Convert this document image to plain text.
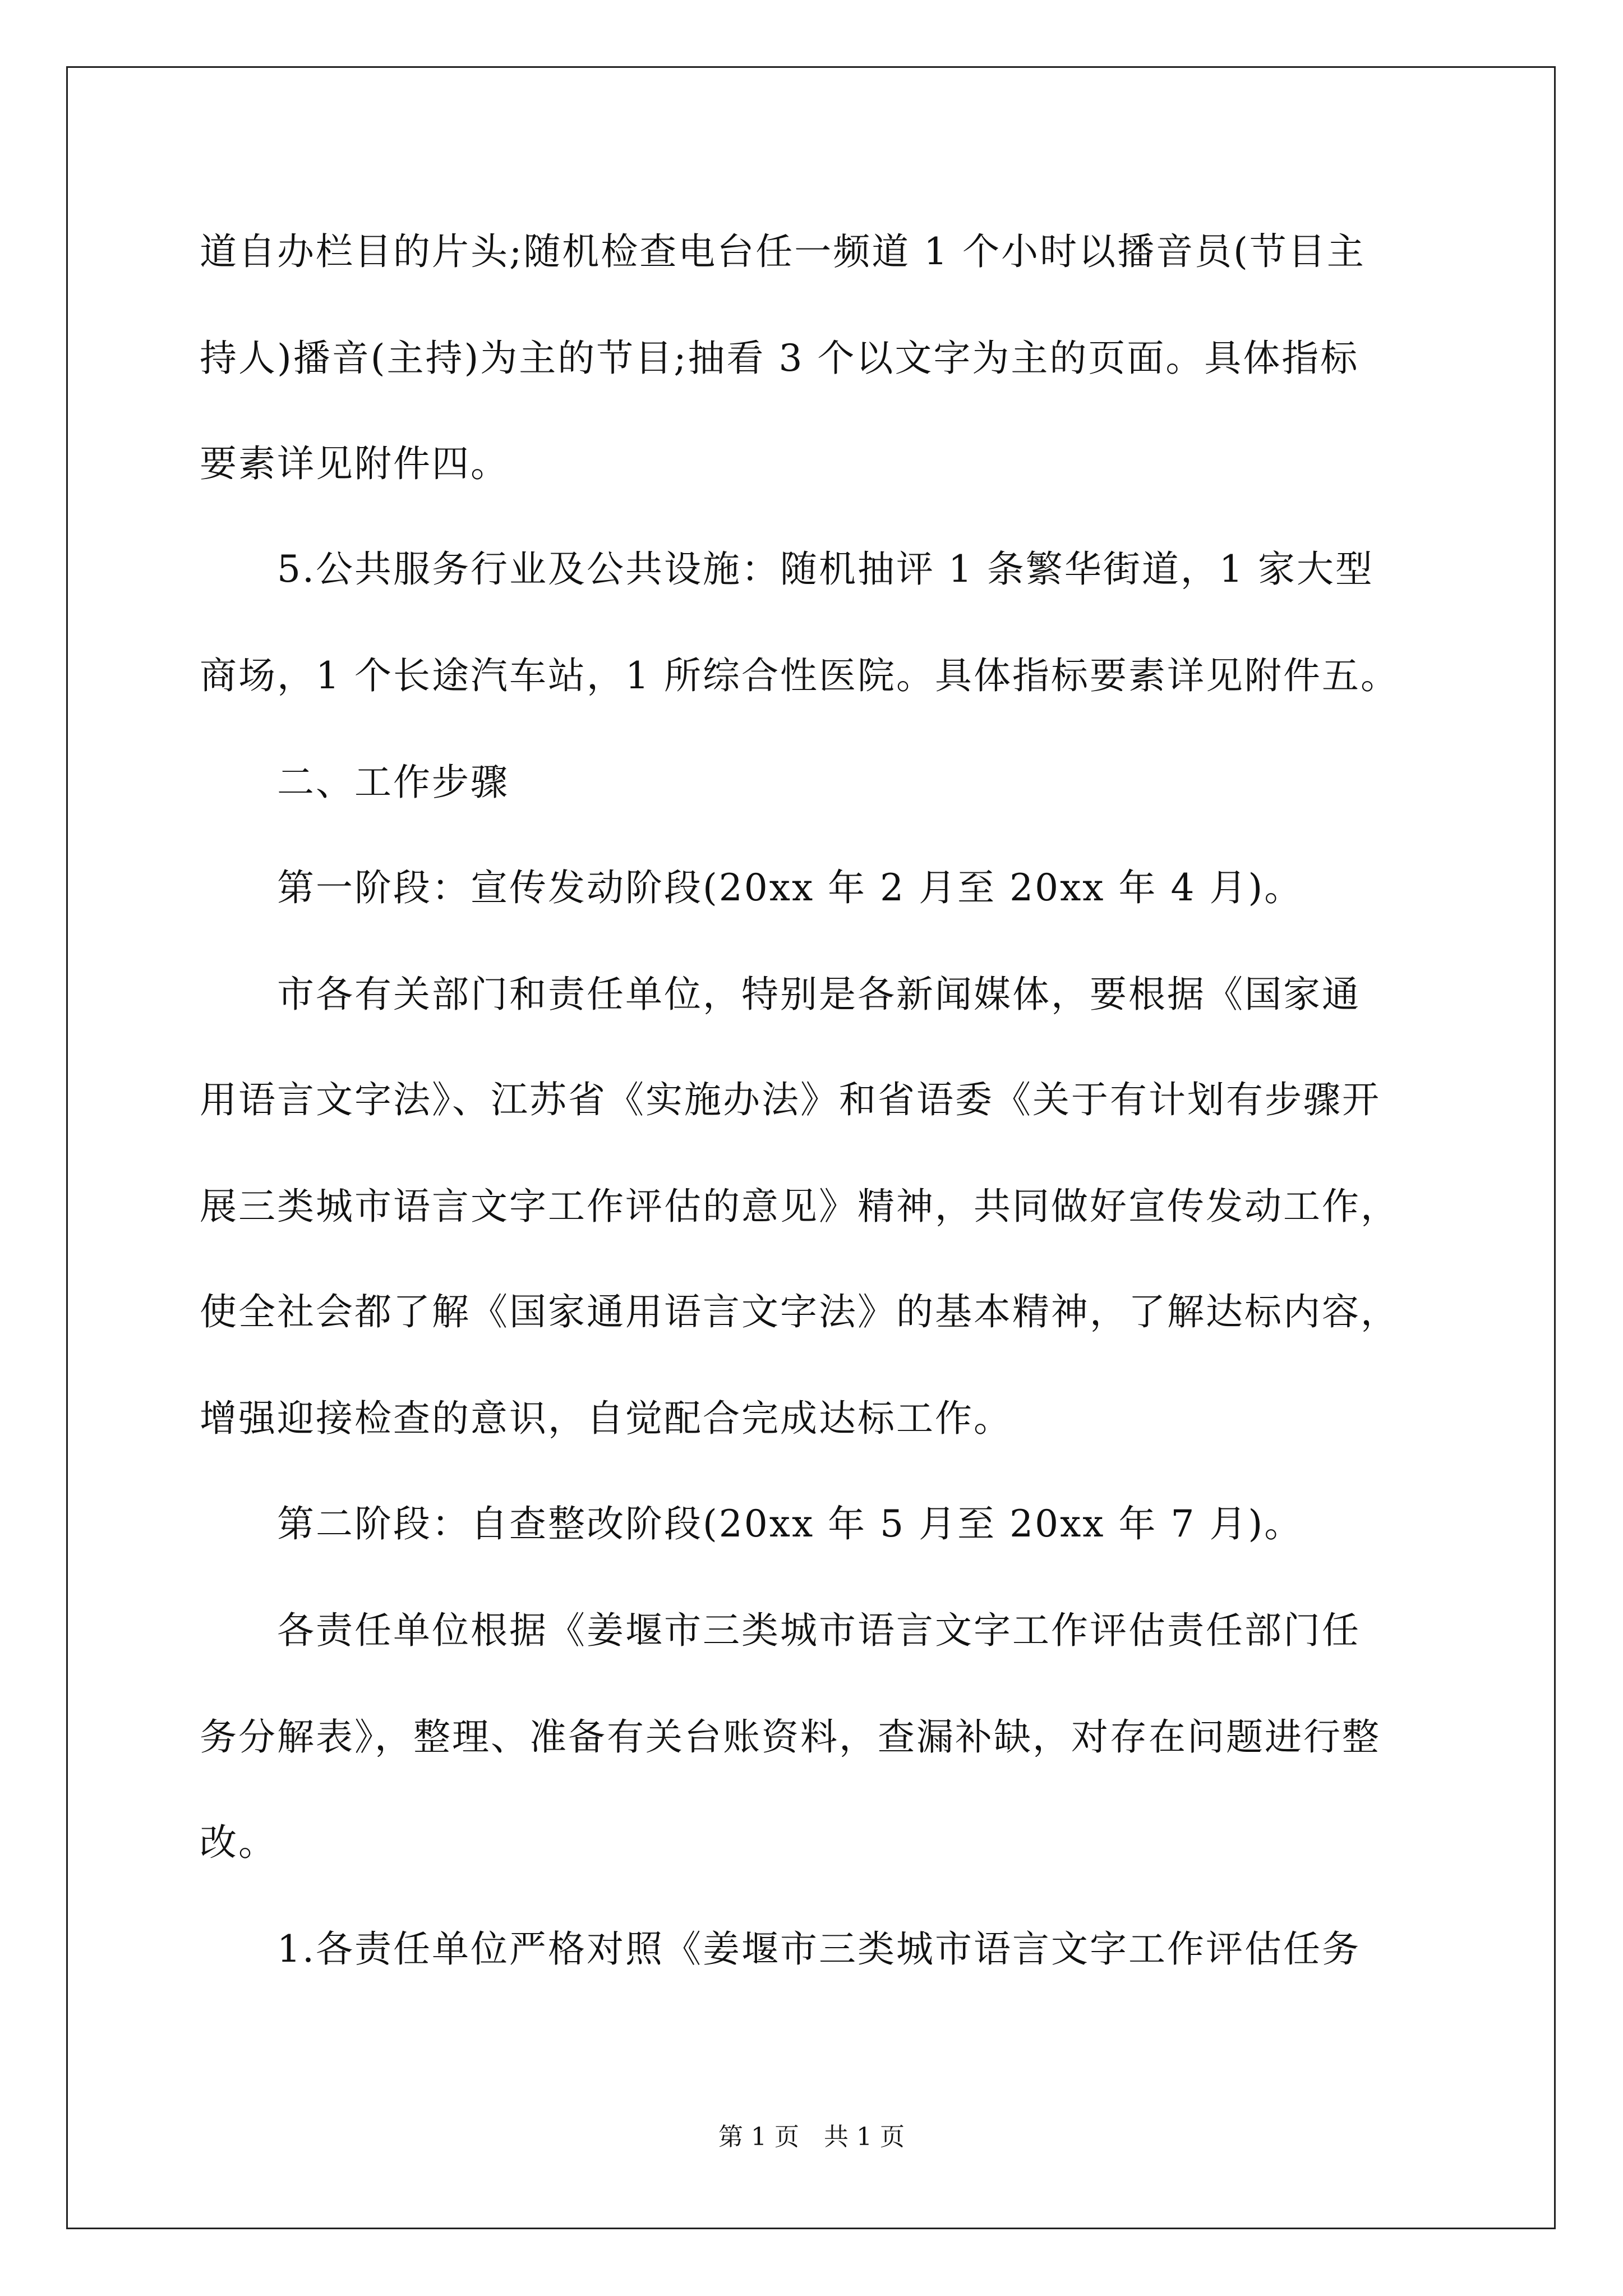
道自办栏目的片头;随机检查电台任一频道 1 个小时以播音员(节目主
持人)播音(主持)为主的节目;抽看 3 个以文字为主的页面。具体指标
要素详见附件四。
　　5.公共服务行业及公共设施：随机抽评 1 条繁华街道，1 家大型
商场，1 个长途汽车站，1 所综合性医院。具体指标要素详见附件五。
　　二、工作步骤
　　第一阶段：宣传发动阶段(20xx 年 2 月至 20xx 年 4 月)。
　　市各有关部门和责任单位，特别是各新闻媒体，要根据《国家通
用语言文字法》、江苏省《实施办法》和省语委《关于有计划有步骤开
展三类城市语言文字工作评估的意见》精神，共同做好宣传发动工作，
使全社会都了解《国家通用语言文字法》的基本精神，了解达标内容，
增强迎接检查的意识，自觉配合完成达标工作。
　　第二阶段：自查整改阶段(20xx 年 5 月至 20xx 年 7 月)。
　　各责任单位根据《姜堰市三类城市语言文字工作评估责任部门任
务分解表》，整理、准备有关台账资料，查漏补缺，对存在问题进行整
改。
　　1.各责任单位严格对照《姜堰市三类城市语言文字工作评估任务
第 1 页　共 1 页
